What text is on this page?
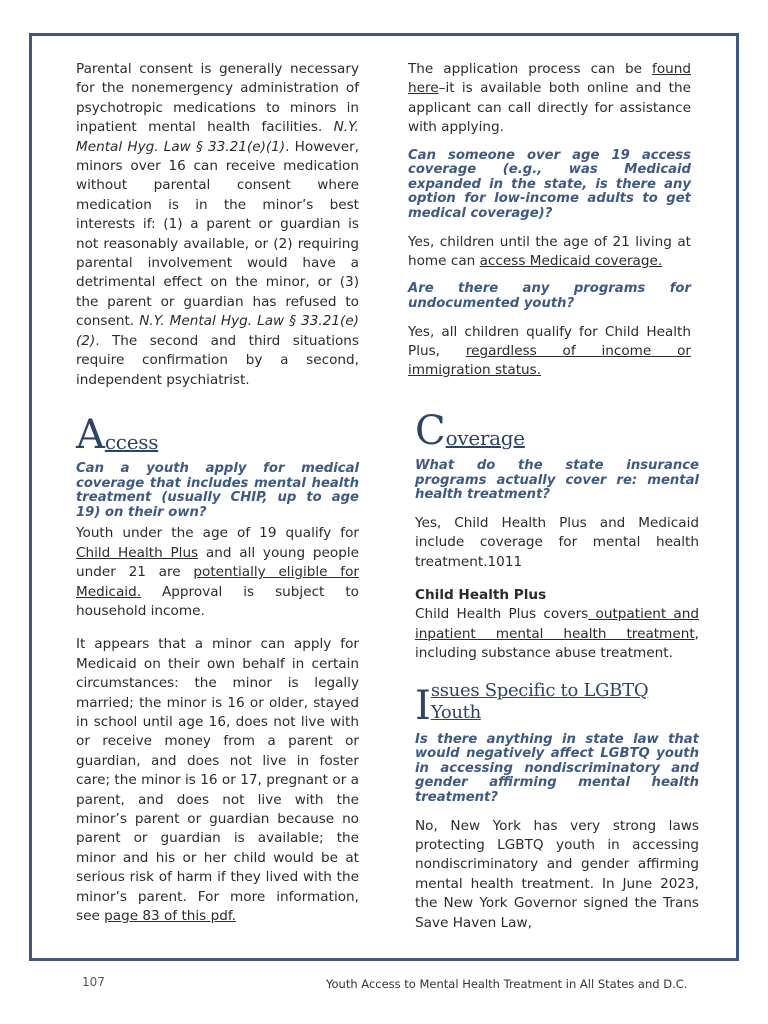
Parental consent is generally necessary for the nonemergency administration of psychotropic medications to minors in inpatient mental health facilities. N.Y. Mental Hyg. Law § 33.21(e)(1). However, minors over 16 can receive medication without parental consent where medication is in the minor’s best interests if: (1) a parent or guardian is not reasonably available, or (2) requiring parental involvement would have a detrimental effect on the minor, or (3) the parent or guardian has refused to consent. N.Y. Mental Hyg. Law § 33.21(e)(2). The second and third situations require confirmation by a second, independent psychiatrist.

A ccess

Can a youth apply for medical coverage that includes mental health treatment (usually CHIP, up to age 19) on their own?

Youth under the age of 19 qualify for Child Health Plus and all young people under 21 are potentially eligible for Medicaid. Approval is subject to household income.

It appears that a minor can apply for Medicaid on their own behalf in certain circumstances: the minor is legally married; the minor is 16 or older, stayed in school until age 16, does not live with or receive money from a parent or guardian, and does not live in foster care; the minor is 16 or 17, pregnant or a parent, and does not live with the minor’s parent or guardian because no parent or guardian is available; the minor and his or her child would be at serious risk of harm if they lived with the minor’s parent. For more information, see page 83 of this pdf.

The application process can be found here–it is available both online and the applicant can call directly for assistance with applying.

Can someone over age 19 access coverage (e.g., was Medicaid expanded in the state, is there any option for low-income adults to get medical coverage)?

Yes, children until the age of 21 living at home can access Medicaid coverage.

Are there any programs for undocumented youth?

Yes, all children qualify for Child Health Plus, regardless of income or immigration status.

C overage

What do the state insurance programs actually cover re: mental health treatment?

Yes, Child Health Plus and Medicaid include coverage for mental health treatment.1011

Child Health Plus

Child Health Plus covers outpatient and inpatient mental health treatment, including substance abuse treatment.

I ssues Specific to LGBTQ Youth

Is there anything in state law that would negatively affect LGBTQ youth in accessing nondiscriminatory and gender affirming mental health treatment?

No, New York has very strong laws protecting LGBTQ youth in accessing nondiscriminatory and gender affirming mental health treatment. In June 2023, the New York Governor signed the Trans Save Haven Law,

107	Youth Access to Mental Health Treatment in All States and D.C.
